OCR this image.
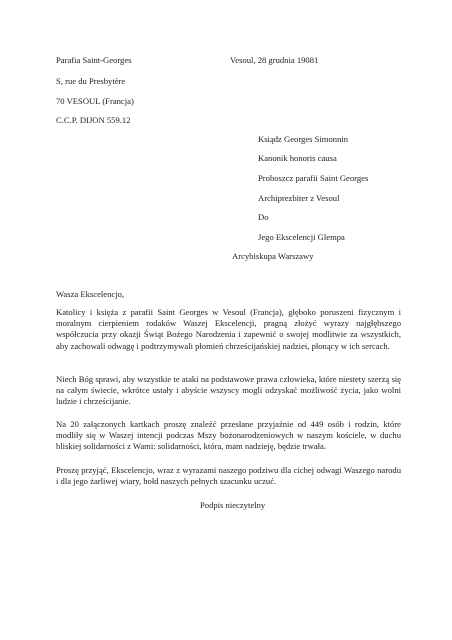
Parafia Saint-Georges
S, rue du Presbytère
70 VESOUL (Francja)
C.C.P. DIJON 559.12
Vesoul, 28 grudnia 19081
Ksiądz Georges Simonnin
Kanonik honoris causa
Proboszcz parafii Saint Georges
Archiprezbiter z Vesoul
Do
Jego Ekscelencji Glempa
Arcybiskupa Warszawy
Wasza Ekscelencjo,
Katolicy i księża z parafii Saint Georges w Vesoul (Francja), głęboko poruszeni fizycznym i moralnym cierpieniem rodaków Waszej Ekscelencji, pragną złożyć wyrazy najgłębszego współczucia przy okazji Świąt Bożego Narodzenia i zapewnić o swojej modlitwie za wszystkich, aby zachowali odwagę i podtrzymywali płomień chrześcijańskiej nadziei, płonący w ich sercach.
Niech Bóg sprawi, aby wszystkie te ataki na podstawowe prawa człowieka, które niestety szerzą się na całym świecie, wkrótce ustały i abyście wszyscy mogli odzyskać możliwość życia, jako wolni ludzie i chrześcijanie.
Na 20 załączonych kartkach proszę znaleźć przesłane przyjaźnie od 449 osób i rodzin, które modliły się w Waszej intencji podczas Mszy bożonarodzeniowych w naszym kościele, w duchu bliskiej solidarności z Wami: solidarności, która, mam nadzieję, będzie trwała.
Proszę przyjąć, Ekscelencjo, wraz z wyrazami naszego podziwu dla cichej odwagi Waszego narodu i dla jego żarliwej wiary, hołd naszych pełnych szacunku uczuć.
Podpis nieczytelny
